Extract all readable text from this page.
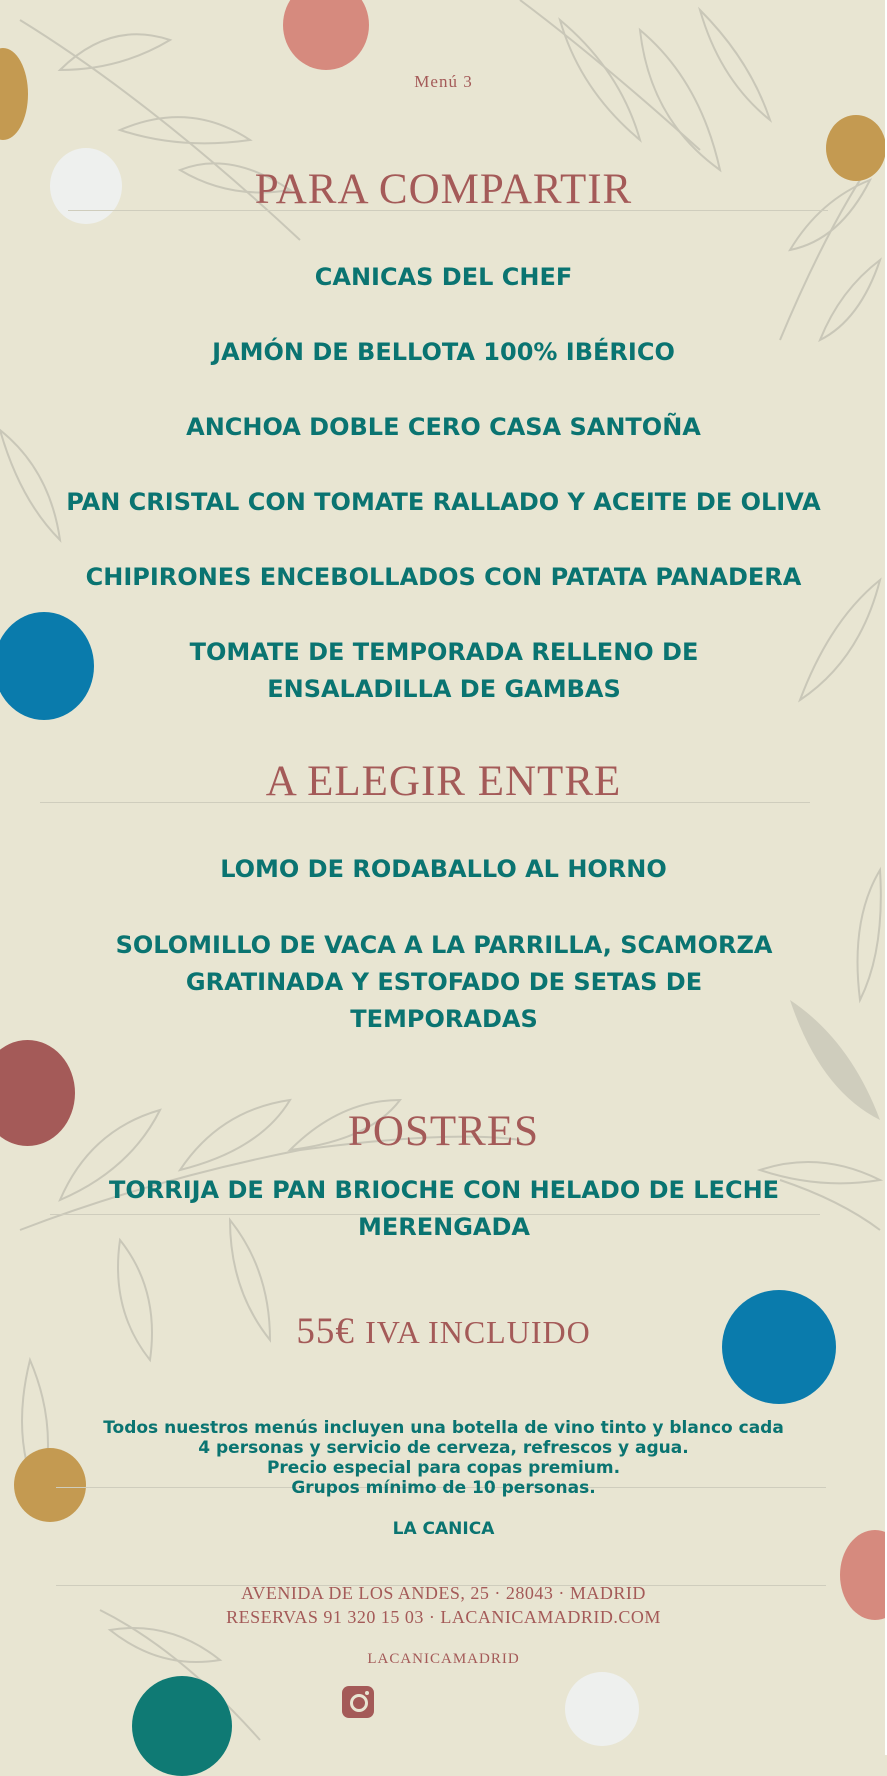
Menú 3
PARA COMPARTIR
CANICAS DEL CHEF
JAMÓN DE BELLOTA 100% IBÉRICO
ANCHOA DOBLE CERO CASA SANTOÑA
PAN CRISTAL CON TOMATE RALLADO Y ACEITE DE OLIVA
CHIPIRONES ENCEBOLLADOS CON PATATA PANADERA
TOMATE DE TEMPORADA RELLENO DE ENSALADILLA DE GAMBAS
A ELEGIR ENTRE
LOMO DE RODABALLO AL HORNO
SOLOMILLO DE VACA A LA PARRILLA, SCAMORZA GRATINADA Y ESTOFADO DE SETAS DE TEMPORADAS
POSTRES
TORRIJA DE PAN BRIOCHE CON HELADO DE LECHE MERENGADA
55€ IVA INCLUIDO
Todos nuestros menús incluyen una botella de vino tinto y blanco cada
4 personas y servicio de cerveza, refrescos y agua.
Precio especial para copas premium.
Grupos mínimo de 10 personas.
LA CANICA
AVENIDA DE LOS ANDES, 25 · 28043 · MADRID
RESERVAS 91 320 15 03 · LACANICAMADRID.COM
LACANICAMADRID
